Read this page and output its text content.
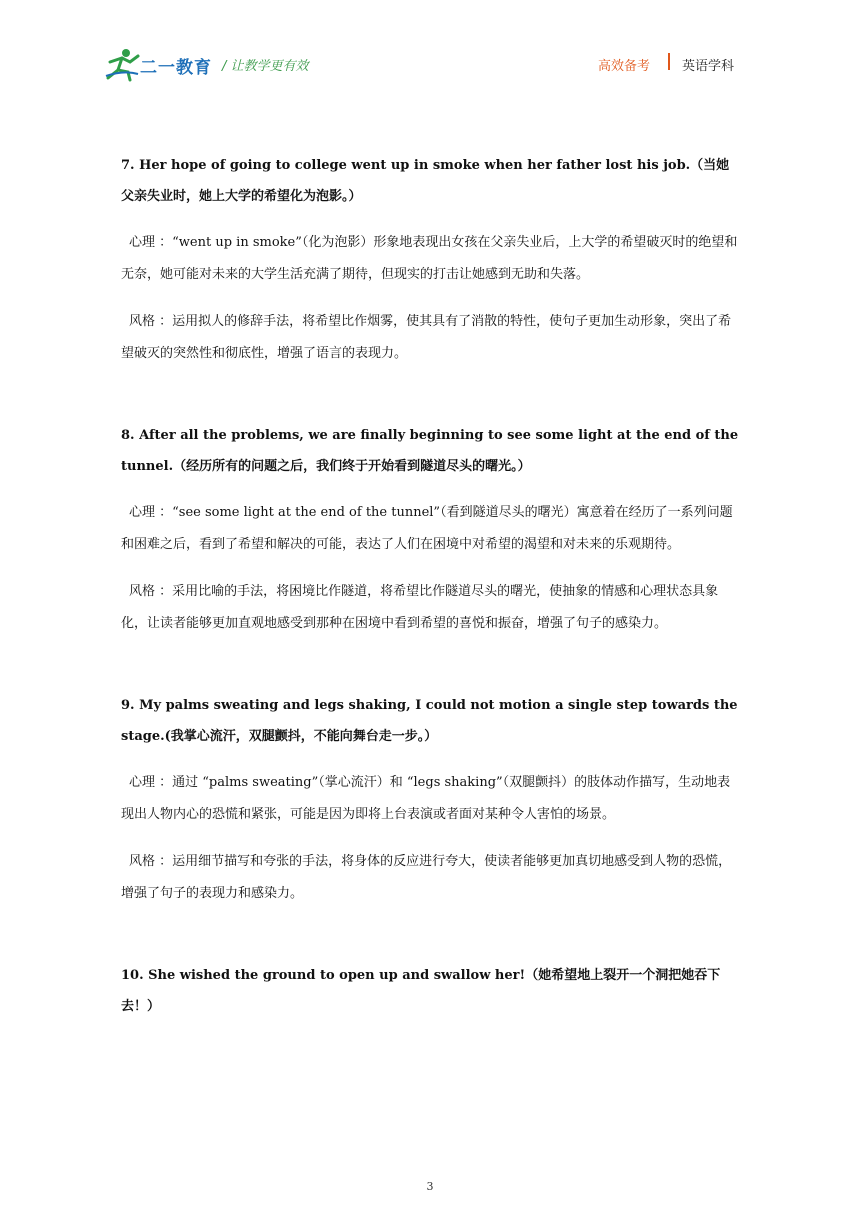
二一教育 / 让教学更有效	高效备考 英语学科

7. Her hope of going to college went up in smoke when her father lost his job.（当她父亲失业时，她上大学的希望化为泡影。）

心理 ：“went up in smoke”（化为泡影）形象地表现出女孩在父亲失业后，上大学的希望破灭时的绝望和无奈，她可能对未来的大学生活充满了期待，但现实的打击让她感到无助和失落。

风格 ：运用拟人的修辞手法，将希望比作烟雾，使其具有了消散的特性，使句子更加生动形象，突出了希望破灭的突然性和彻底性，增强了语言的表现力。

8. After all the problems, we are finally beginning to see some light at the end of the tunnel.（经历所有的问题之后，我们终于开始看到隧道尽头的曙光。）

心理 ：“see some light at the end of the tunnel”（看到隧道尽头的曙光）寓意着在经历了一系列问题和困难之后，看到了希望和解决的可能，表达了人们在困境中对希望的渴望和对未来的乐观期待。

风格 ：采用比喻的手法，将困境比作隧道，将希望比作隧道尽头的曙光，使抽象的情感和心理状态具象化，让读者能够更加直观地感受到那种在困境中看到希望的喜悦和振奋，增强了句子的感染力。

9. My palms sweating and legs shaking, I could not motion a single step towards the stage.(我掌心流汗，双腿颤抖，不能向舞台走一步。）

心理 ：通过 “palms sweating”（掌心流汗）和 “legs shaking”（双腿颤抖）的肢体动作描写，生动地表现出人物内心的恐慌和紧张，可能是因为即将上台表演或者面对某种令人害怕的场景。

风格 ：运用细节描写和夸张的手法，将身体的反应进行夸大，使读者能够更加真切地感受到人物的恐慌，增强了句子的表现力和感染力。

10. She wished the ground to open up and swallow her!（她希望地上裂开一个洞把她吞下去！）

3
